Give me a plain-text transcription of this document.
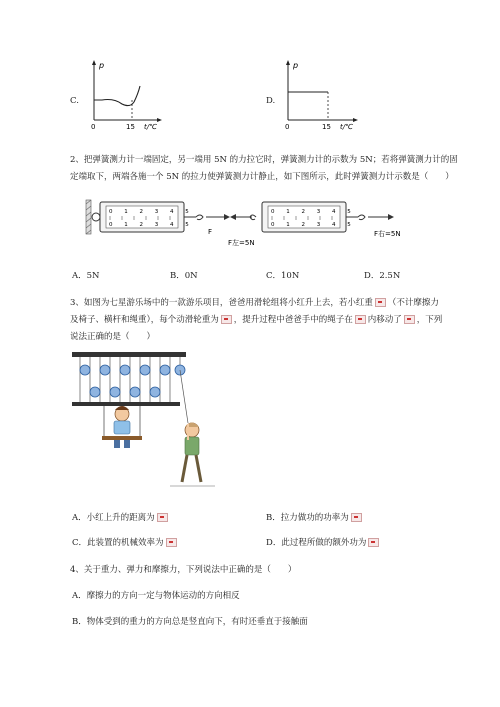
C.
p
0	15 t/℃
D.
p
0	15 t/℃
2、把弹簧测力计一端固定，另一端用 5N 的力拉它时，弹簧测力计的示数为 5N；若将弹簧测力计的固
定端取下，两端各施一个 5N 的拉力使弹簧测力计静止，如下图所示，此时弹簧测力计示数是（　　）
0 1 2 3 4 5
0 1 2 3 4 5
F
0 1 2 3 4 5
0 1 2 3 4 5
F左=5N
F右=5N
A．5N	B．0N	C．10N	D．2.5N
3、如图为七星游乐场中的一款游乐项目，爸爸用滑轮组将小红升上去，若小红重 （不计摩擦力
及椅子、横杆和绳重），每个动滑轮重为 ，提升过程中爸爸手中的绳子在 内移动了 ，下列
说法正确的是（　　）
A．小红上升的距离为	B．拉力做功的功率为
C．此装置的机械效率为	D．此过程所做的额外功为
4、关于重力、弹力和摩擦力，下列说法中正确的是（　　）
A．摩擦力的方向一定与物体运动的方向相反
B．物体受到的重力的方向总是竖直向下，有时还垂直于接触面
